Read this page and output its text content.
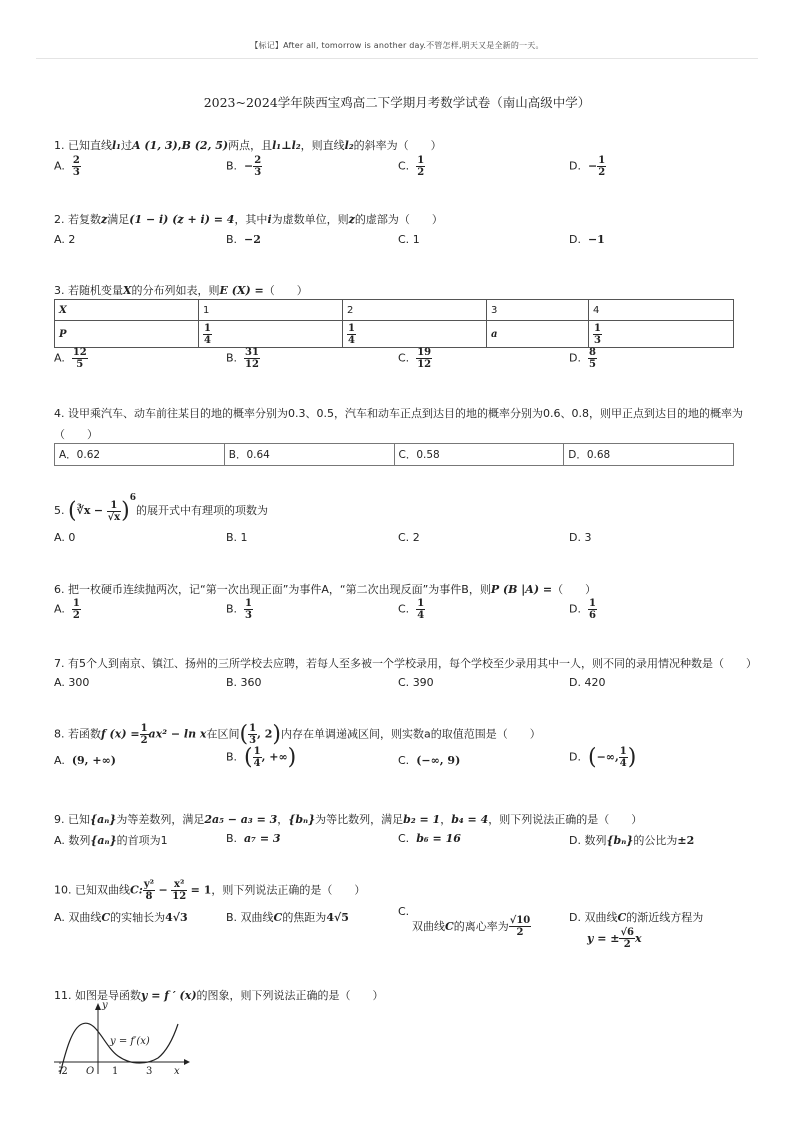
【标记】After all, tomorrow is another day.不管怎样,明天又是全新的一天。
2023~2024学年陕西宝鸡高二下学期月考数学试卷（南山高级中学）
1. 已知直线l₁过A (1, 3),B (2, 5)两点，且l₁⊥l₂，则直线l₂的斜率为（　　）
A. $\frac{2}{3}$	B. − $\frac{2}{3}$	C. $\frac{1}{2}$	D. − $\frac{1}{2}$
2. 若复数z满足(1 − i) (z + i) = 4，其中i为虚数单位，则z的虚部为（　　）
A. 2	B. −2	C. 1	D. −1
3. 若随机变量X的分布列如表，则E (X) =（　　）
X	1	2	3	4
P	$\frac{1}{4}$	$\frac{1}{4}$	a	$\frac{1}{3}$
A. $\frac{12}{5}$	B. $\frac{31}{12}$	C. $\frac{19}{12}$	D. $\frac{8}{5}$
4. 设甲乘汽车、动车前往某目的地的概率分别为0.3、0.5，汽车和动车正点到达目的地的概率分别为0.6、0.8，则甲正点到达目的地的概率为
（　　）
A．0.62	B．0.64	C．0.58	D．0.68
5. (∛x − $\frac{1}{√x} )^6$的展开式中有理项的项数为
A. 0	B. 1	C. 2	D. 3
6. 把一枚硬币连续抛两次，记“第一次出现正面”为事件A，“第二次出现反面”为事件B，则P (B |A) =（　　）
A. $\frac{1}{2}$	B. $\frac{1}{3}$	C. $\frac{1}{4}$	D. $\frac{1}{6}$
7. 有5个人到南京、镇江、扬州的三所学校去应聘，若每人至多被一个学校录用，每个学校至少录用其中一人，则不同的录用情况种数是（　　）
A. 300	B. 360	C. 390	D. 420
8. 若函数f $(x) = \frac{1}{2} ax^2 - \ln x$在区间( $\frac{1}{3}$ , 2)内存在单调递减区间，则实数a的取值范围是（　　）
A. (9, +∞)	B. ( $\frac{1}{4}$ , +∞)	C. (−∞, 9)	D. (−∞, $\frac{1}{4}$ )
9. 已知{aₙ}为等差数列，满足2a₅ − a₃ = 3，{bₙ}为等比数列，满足b₂ = 1，b₄ = 4，则下列说法正确的是（　　）
A. 数列{aₙ}的首项为1	B. a₇ = 3	C. b₆ = 16	D. 数列{bₙ}的公比为±2
10. 已知双曲线C: $\frac{\text{y²}}{8} - \frac{\text{x²}}{12} = 1$，则下列说法正确的是（　　）
A. 双曲线C的实轴长为4√3	B. 双曲线C的焦距为4√5	C.
双曲线C的离心率为 $\frac{√10}{2}$	D. 双曲线C的渐近线方程为
y = ± $\frac{√6}{2}$ x
11. 如图是导函数y = f ′ (x)的图象，则下列说法正确的是（　　）
y
x
y = f′(x)
-2 O 1	3
